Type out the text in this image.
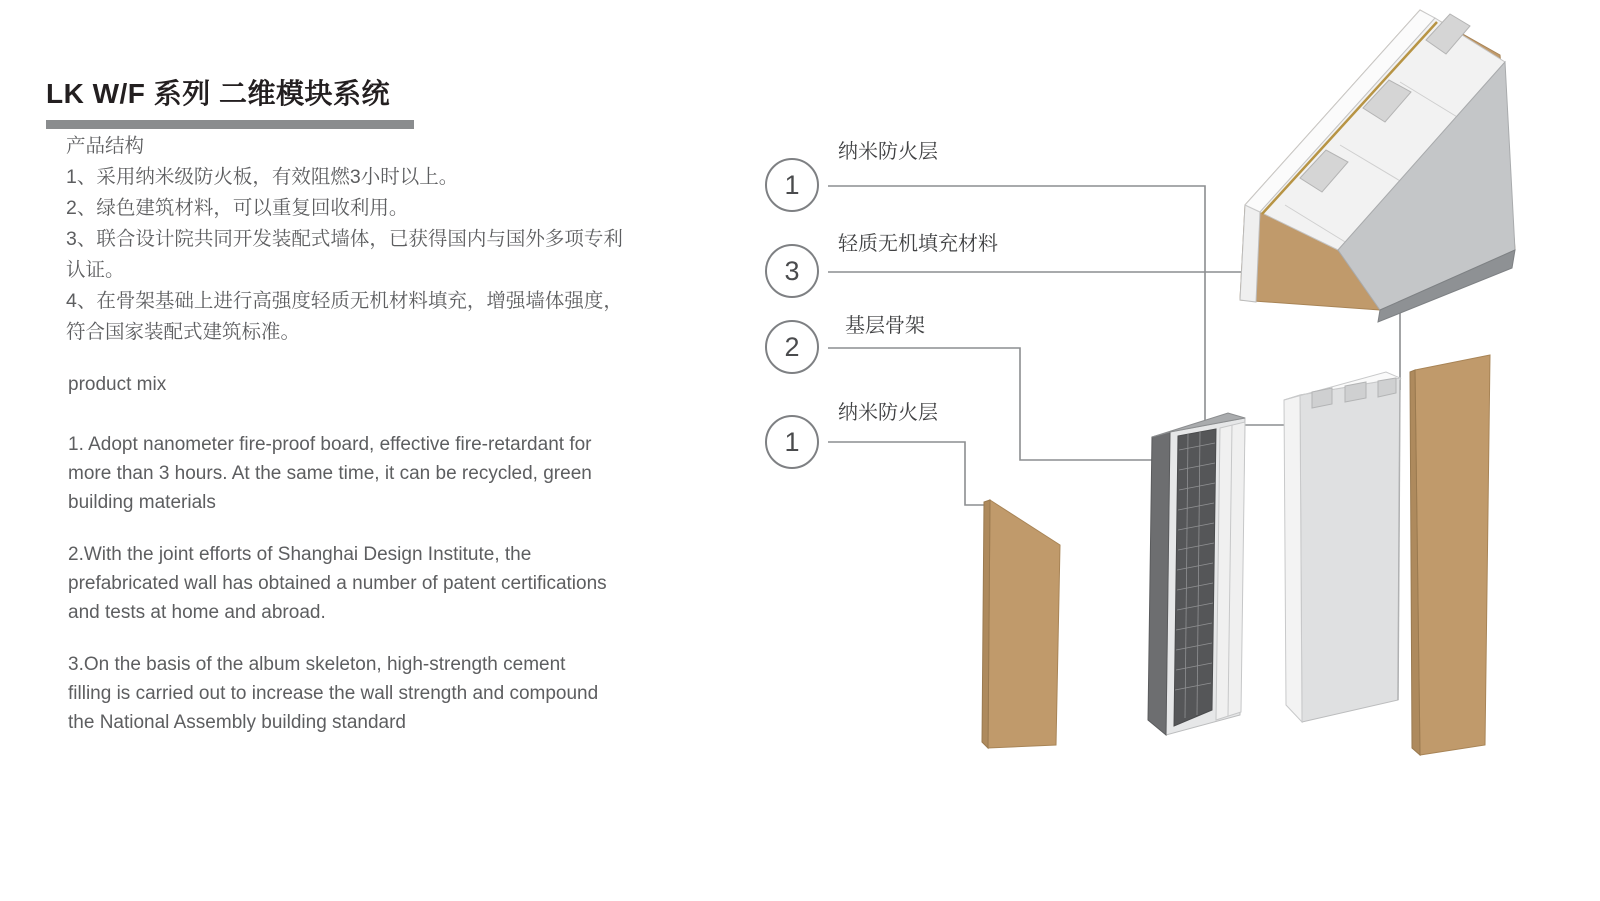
LK W/F 系列 二维模块系统
产品结构
1、采用纳米级防火板，有效阻燃3小时以上。
2、绿色建筑材料，可以重复回收利用。
3、联合设计院共同开发装配式墙体，已获得国内与国外多项专利认证。
4、在骨架基础上进行高强度轻质无机材料填充，增强墙体强度，符合国家装配式建筑标准。
product mix
1. Adopt nanometer fire-proof board, effective fire-retardant for more than 3 hours. At the same time, it can be recycled, green building materials
2.With the joint efforts of Shanghai Design Institute, the prefabricated wall has obtained a number of patent certifications and tests at home and abroad.
3.On the basis of the album skeleton, high-strength cement filling is carried out to increase the wall strength and compound the National Assembly building standard
1
纳米防火层
3
轻质无机填充材料
2
基层骨架
1
纳米防火层
